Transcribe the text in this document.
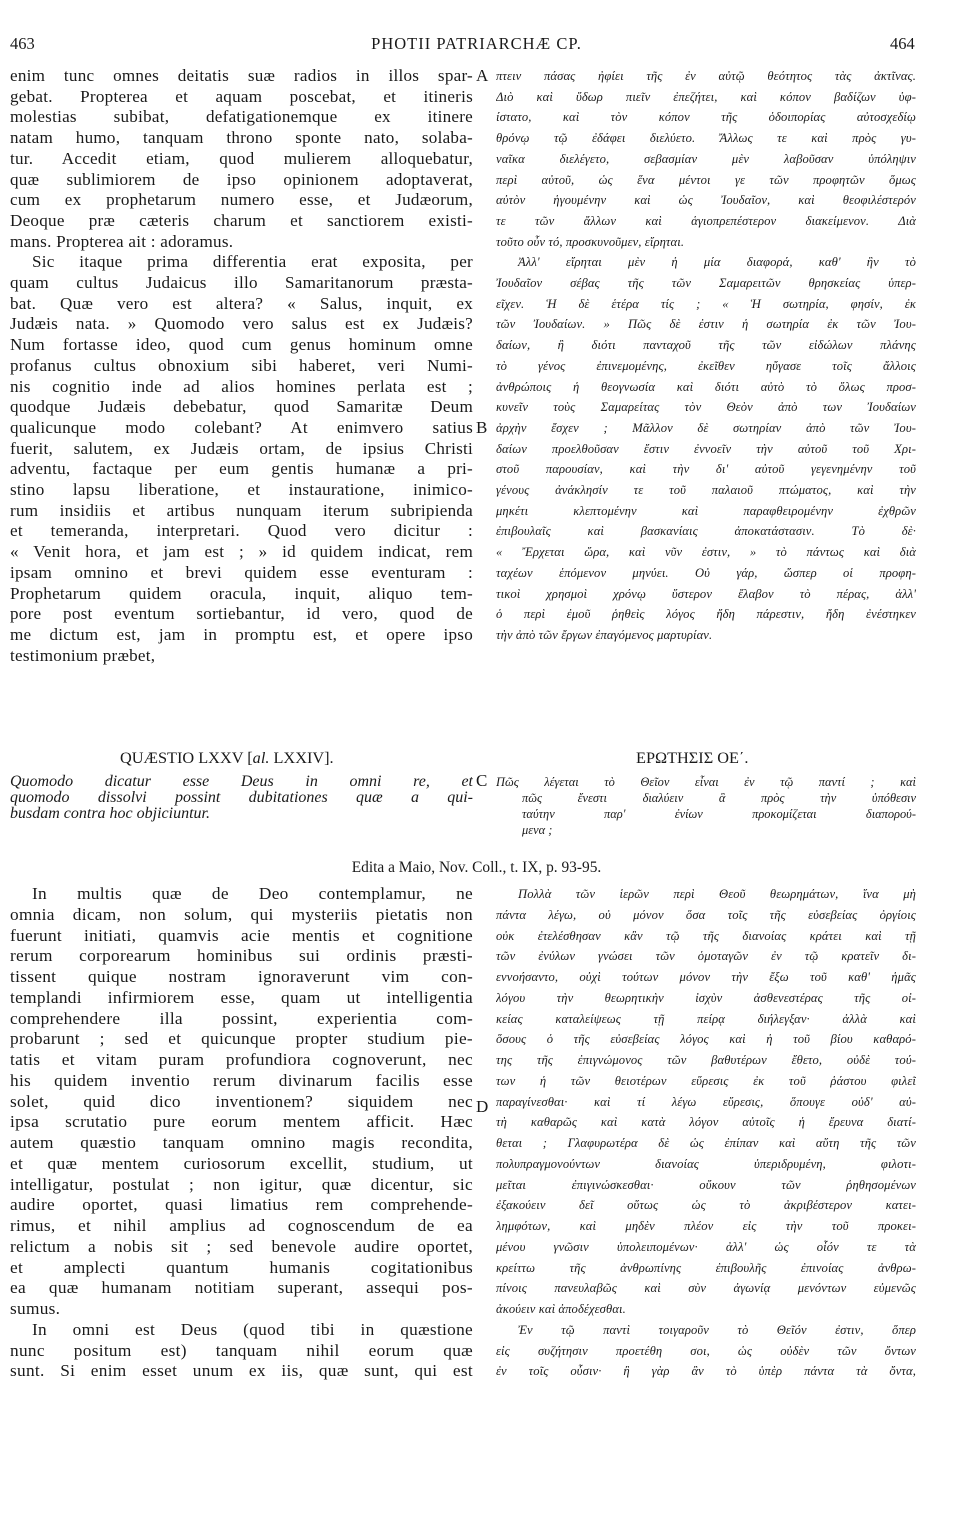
463	PHOTII PATRIARCHÆ CP.	464
A
B
C
D
enim tunc omnes deitatis suæ radios in illos spar-
gebat. Propterea et aquam poscebat, et itineris
molestias subibat, defatigationemque ex itinere
natam humo, tanquam throno sponte nato, solaba-
tur. Accedit etiam, quod mulierem alloquebatur,
quæ sublimiorem de ipso opinionem adoptaverat,
cum ex prophetarum numero esse, et Judæorum,
Deoque præ cæteris charum et sanctiorem existi-
mans. Propterea ait : adoramus.
Sic itaque prima differentia erat exposita, per
quam cultus Judaicus illo Samaritanorum præsta-
bat. Quæ vero est altera? « Salus, inquit, ex
Judæis nata. » Quomodo vero salus est ex Judæis?
Num fortasse ideo, quod cum genus hominum omne
profanus cultus obnoxium sibi haberet, veri Numi-
nis cognitio inde ad alios homines perlata est ;
quodque Judæis debebatur, quod Samaritæ Deum
qualicunque modo colebant? At enimvero satius
fuerit, salutem, ex Judæis ortam, de ipsius Christi
adventu, factaque per eum gentis humanæ a pri-
stino lapsu liberatione, et instauratione, inimico-
rum insidiis et artibus nunquam iterum subripienda
et temeranda, interpretari. Quod vero dicitur :
« Venit hora, et jam est ; » id quidem indicat, rem
ipsam omnino et brevi quidem esse eventuram :
Prophetarum quidem oracula, inquit, aliquo tem-
pore post eventum sortiebantur, id vero, quod de
me dictum est, jam in promptu est, et opere ipso
testimonium præbet,
πτειν πάσας ἠφίει τῆς ἐν αὐτῷ θεότητος τὰς ἀκτῖνας.
Διὸ καὶ ὕδωρ πιεῖν ἐπεζήτει, καὶ κόπον βαδίζων ὑφ-
ίστατο, καὶ τὸν κόπον τῆς ὁδοιπορίας αὐτοσχεδίῳ
θρόνῳ τῷ ἐδάφει διελύετο. Ἄλλως τε καὶ πρὸς γυ-
ναῖκα διελέγετο, σεβασμίαν μὲν λαβοῦσαν ὑπόληψιν
περὶ αὐτοῦ, ὡς ἕνα μέντοι γε τῶν προφητῶν ὅμως
αὐτὸν ἡγουμένην καὶ ὡς Ἰουδαῖον, καὶ θεοφιλέστερόν
τε τῶν ἄλλων καὶ ἁγιοπρεπέστερον διακείμενον. Διὰ
τοῦτο οὖν τό, προσκυνοῦμεν, εἴρηται.
Ἀλλ' εἴρηται μὲν ἡ μία διαφορά, καθ' ἣν τὸ
Ἰουδαῖον σέβας τῆς τῶν Σαμαρειτῶν θρησκείας ὑπερ-
εῖχεν. Ἡ δὲ ἑτέρα τίς ; « Ἡ σωτηρία, φησίν, ἐκ
τῶν Ἰουδαίων. » Πῶς δὲ ἐστιν ἡ σωτηρία ἐκ τῶν Ἰου-
δαίων, ἢ διότι πανταχοῦ τῆς τῶν εἰδώλων πλάνης
τὸ γένος ἐπινεμομένης, ἐκεῖθεν ηὔγασε τοῖς ἄλλοις
ἀνθρώποις ἡ θεογνωσία καὶ διότι αὐτὸ τὸ ὅλως προσ-
κυνεῖν τοὺς Σαμαρείτας τὸν Θεὸν ἀπὸ των Ἰουδαίων
ἀρχὴν ἔσχεν ; Μᾶλλον δὲ σωτηρίαν ἀπὸ τῶν Ἰου-
δαίων προελθοῦσαν ἔστιν ἐννοεῖν τὴν αὐτοῦ τοῦ Χρι-
στοῦ παρουσίαν, καὶ τὴν δι' αὐτοῦ γεγενημένην τοῦ
γένους ἀνάκλησίν τε τοῦ παλαιοῦ πτώματος, καὶ τὴν
μηκέτι κλεπτομένην καὶ παραφθειρομένην ἐχθρῶν
ἐπιβουλαῖς καὶ βασκανίαις ἀποκατάστασιν. Τὸ δὲ·
« Ἔρχεται ὥρα, καὶ νῦν ἐστιν, » τὸ πάντως καὶ διὰ
ταχέων ἑπόμενον μηνύει. Οὐ γάρ, ὥσπερ οἱ προφη-
τικοὶ χρησμοὶ χρόνῳ ὕστερον ἔλαβον τὸ πέρας, ἀλλ'
ὁ περὶ ἐμοῦ ῥηθεὶς λόγος ἤδη πάρεστιν, ἤδη ἐνέστηκεν
τὴν ἀπὸ τῶν ἔργων ἐπαγόμενος μαρτυρίαν.
QUÆSTIO LXXV [al. LXXIV].	ΕΡΩΤΗΣΙΣ ΟΕ΄.
Quomodo dicatur esse Deus in omni re, et
quomodo dissolvi possint dubitationes quæ a qui-
busdam contra hoc objiciuntur.
Πῶς λέγεται τὸ Θεῖον εἶναι ἐν τῷ παντί ; καὶ
πῶς ἔνεστι διαλύειν ἃ πρὸς τὴν ὑπόθεσιν
ταύτην παρ' ἐνίων προκομίζεται διαπορού-
μενα ;
Edita a Maio, Nov. Coll., t. IX, p. 93-95.
In multis quæ de Deo contemplamur, ne
omnia dicam, non solum, qui mysteriis pietatis non
fuerunt initiati, quamvis acie mentis et cognitione
rerum corporearum hominibus sui ordinis præsti-
tissent quique nostram ignoraverunt vim con-
templandi infirmiorem esse, quam ut intelligentia
comprehendere illa possint, experientia com-
probarunt ; sed et quicunque propter studium pie-
tatis et vitam puram profundiora cognoverunt, nec
his quidem inventio rerum divinarum facilis esse
solet, quid dico inventionem? siquidem nec
ipsa scrutatio pure eorum mentem afficit. Hæc
autem quæstio tanquam omnino magis recondita,
et quæ mentem curiosorum excellit, studium, ut
intelligatur, postulat ; non igitur, quæ dicentur, sic
audire oportet, quasi limatius rem comprehende-
rimus, et nihil amplius ad cognoscendum de ea
relictum a nobis sit ; sed benevole audire oportet,
et amplecti quantum humanis cogitationibus
ea quæ humanam notitiam superant, assequi pos-
sumus.
In omni est Deus (quod tibi in quæstione
nunc positum est) tanquam nihil eorum quæ
sunt. Si enim esset unum ex iis, quæ sunt, qui est
Πολλὰ τῶν ἱερῶν περὶ Θεοῦ θεωρημάτων, ἵνα μὴ
πάντα λέγω, οὐ μόνον ὅσα τοῖς τῆς εὐσεβείας ὀργίοις
οὐκ ἐτελέσθησαν κἂν τῷ τῆς διανοίας κράτει καὶ τῇ
τῶν ἐνύλων γνώσει τῶν ὁμοταγῶν ἐν τῷ κρατεῖν δι-
εννοήσαντο, οὐχὶ τούτων μόνον τὴν ἔξω τοῦ καθ' ἡμᾶς
λόγου τὴν θεωρητικὴν ἰσχὺν ἀσθενεστέρας τῆς οἰ-
κείας καταλείψεως τῇ πείρᾳ διήλεγξαν· ἀλλὰ καὶ
ὅσους ὁ τῆς εὐσεβείας λόγος καὶ ἡ τοῦ βίου καθαρό-
της τῆς ἐπιγνώμονος τῶν βαθυτέρων ἔθετο, οὐδὲ τού-
των ἡ τῶν θειοτέρων εὕρεσις ἐκ τοῦ ῥάστου φιλεῖ
παραγίνεσθαι· καὶ τί λέγω εὕρεσις, ὅπουγε οὐδ' αὐ-
τὴ καθαρῶς καὶ κατὰ λόγον αὐτοῖς ἡ ἔρευνα διατί-
θεται ; Γλαφυρωτέρα δὲ ὡς ἐπίπαν καὶ αὕτη τῆς τῶν
πολυπραγμονούντων διανοίας ὑπεριδρυμένη, φιλοτι-
μεῖται ἐπιγινώσκεσθαι· οὔκουν τῶν ῥηθησομένων
ἐξακούειν δεῖ οὕτως ὡς τὸ ἀκριβέστερον κατει-
λημφότων, καὶ μηδὲν πλέον εἰς τὴν τοῦ προκει-
μένου γνῶσιν ὑπολειπομένων· ἀλλ' ὡς οἷόν τε τὰ
κρείττω τῆς ἀνθρωπίνης ἐπιβουλῆς ἐπινοίας ἀνθρω-
πίνοις πανευλαβῶς καὶ σὺν ἀγωνίᾳ μενόντων εὐμενῶς
ἀκούειν καὶ ἀποδέχεσθαι.
Ἐν τῷ παντὶ τοιγαροῦν τὸ Θεῖόν ἐστιν, ὅπερ
εἰς συζήτησιν προετέθη σοι, ὡς οὐδὲν τῶν ὄντων
ἐν τοῖς οὖσιν· ἢ γὰρ ἂν τὸ ὑπὲρ πάντα τὰ ὄντα,
